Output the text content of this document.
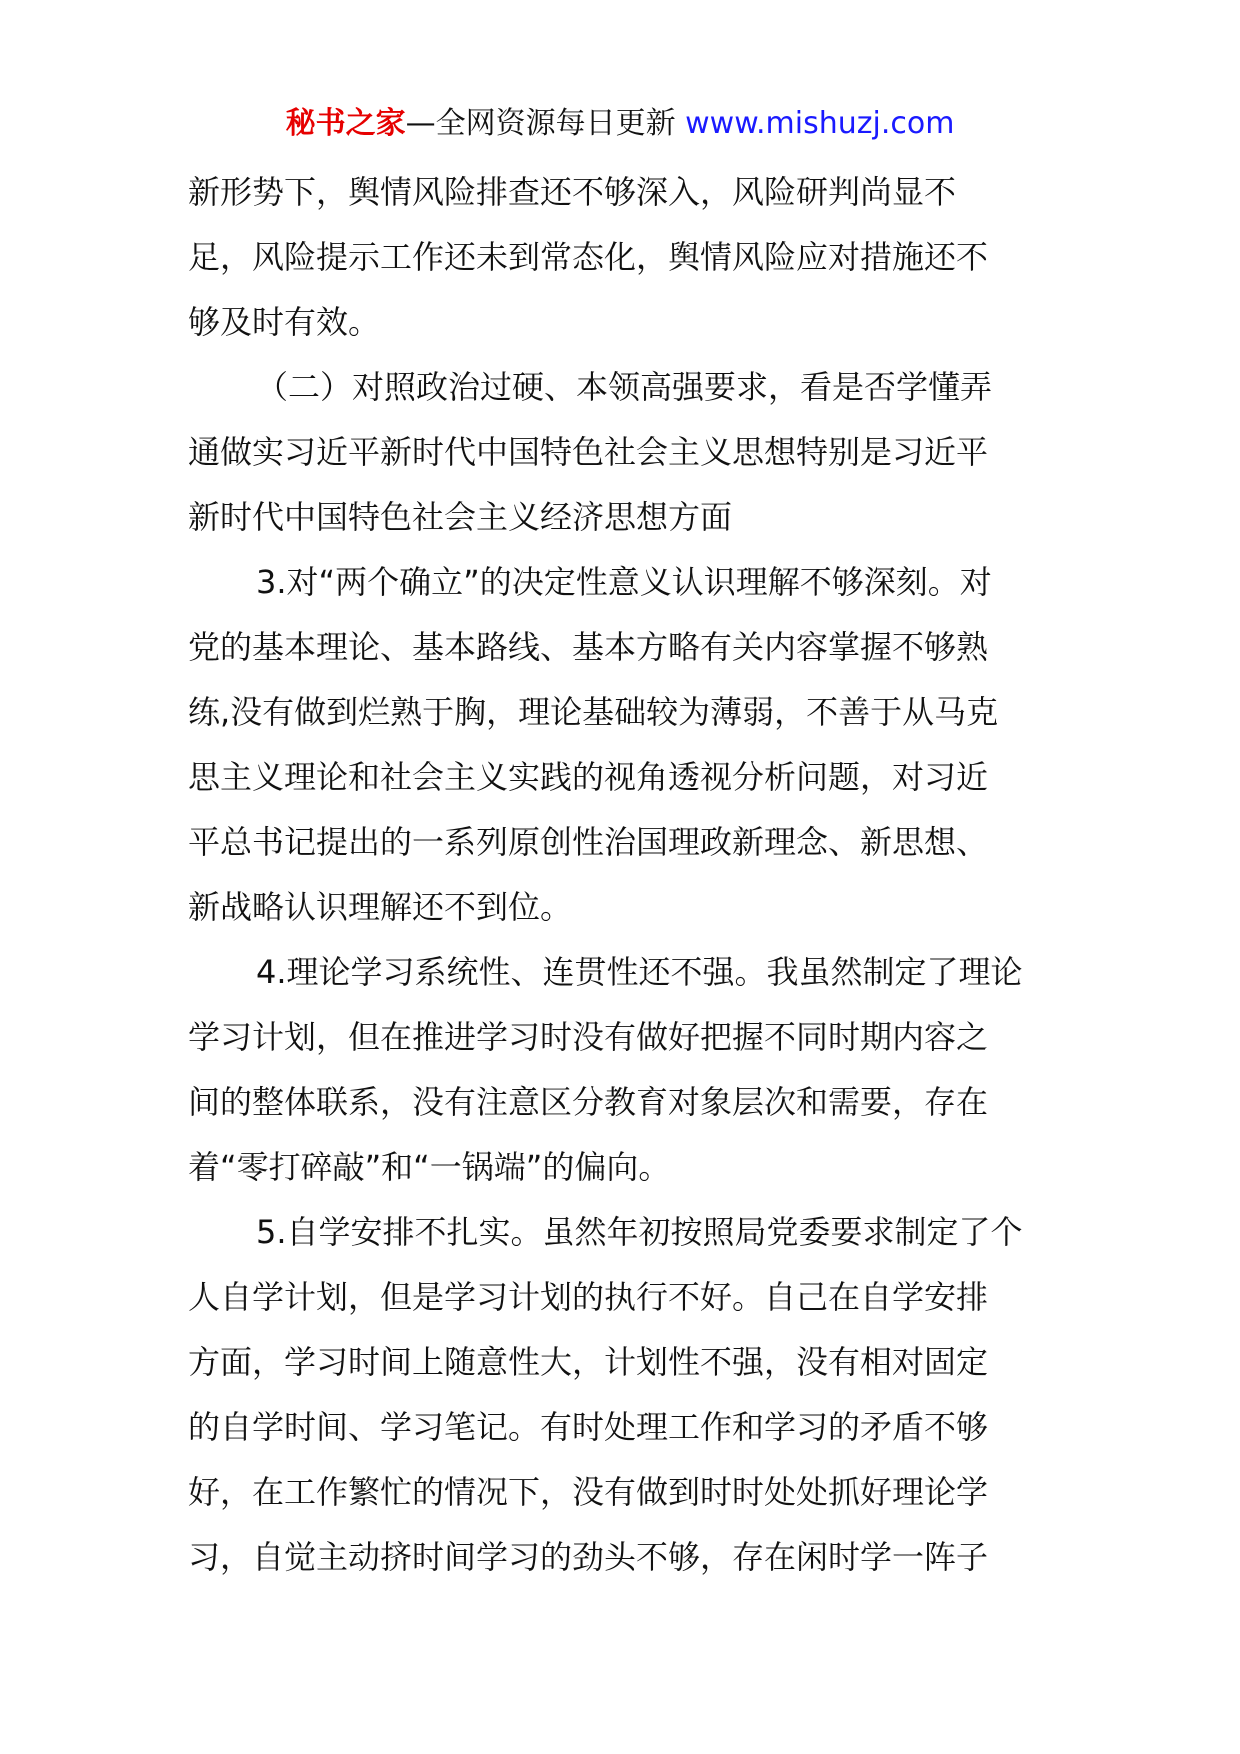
秘书之家—全网资源每日更新 www.mishuzj.com
新形势下，舆情风险排查还不够深入，风险研判尚显不
足，风险提示工作还未到常态化，舆情风险应对措施还不
够及时有效。
（二）对照政治过硬、本领高强要求，看是否学懂弄
通做实习近平新时代中国特色社会主义思想特别是习近平
新时代中国特色社会主义经济思想方面
3.对“两个确立”的决定性意义认识理解不够深刻。对
党的基本理论、基本路线、基本方略有关内容掌握不够熟
练,没有做到烂熟于胸，理论基础较为薄弱，不善于从马克
思主义理论和社会主义实践的视角透视分析问题，对习近
平总书记提出的一系列原创性治国理政新理念、新思想、
新战略认识理解还不到位。
4.理论学习系统性、连贯性还不强。我虽然制定了理论
学习计划，但在推进学习时没有做好把握不同时期内容之
间的整体联系，没有注意区分教育对象层次和需要，存在
着“零打碎敲”和“一锅端”的偏向。
5.自学安排不扎实。虽然年初按照局党委要求制定了个
人自学计划，但是学习计划的执行不好。自己在自学安排
方面，学习时间上随意性大，计划性不强，没有相对固定
的自学时间、学习笔记。有时处理工作和学习的矛盾不够
好，在工作繁忙的情况下，没有做到时时处处抓好理论学
习，自觉主动挤时间学习的劲头不够，存在闲时学一阵子
